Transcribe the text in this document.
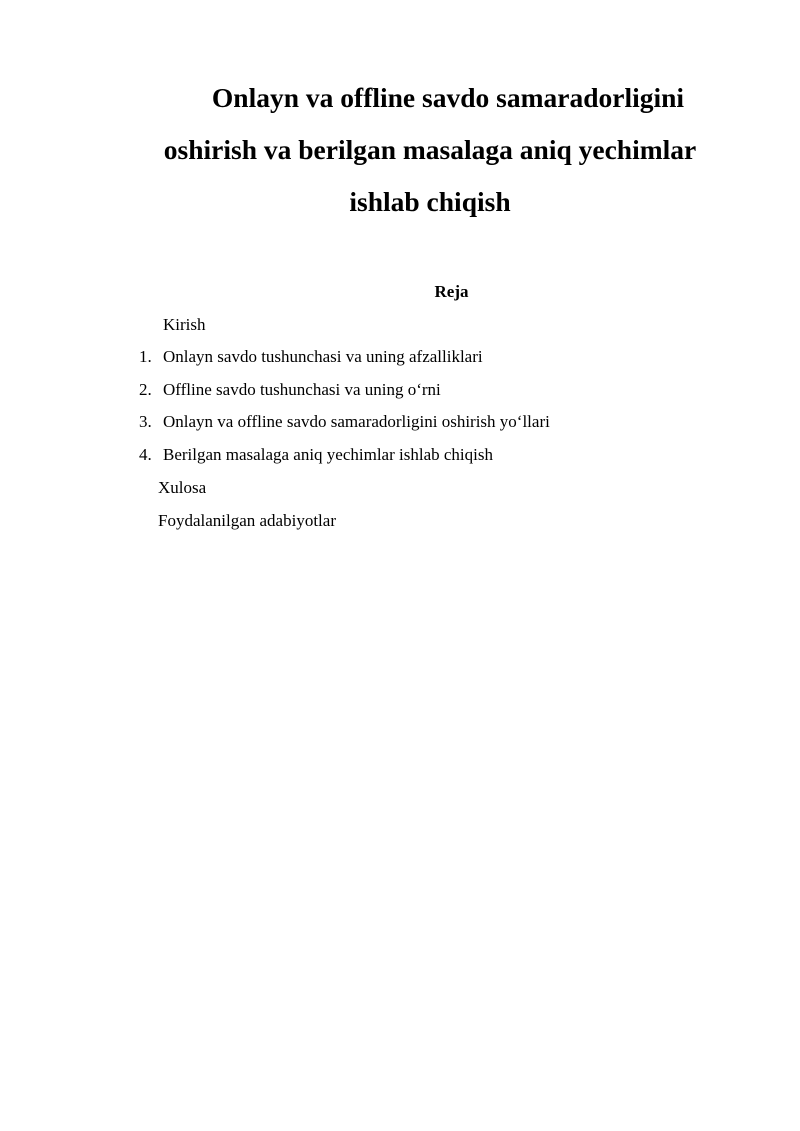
Onlayn va offline savdo samaradorligini
oshirish va berilgan masalaga aniq yechimlar
ishlab chiqish
Reja
Kirish
1. Onlayn savdo tushunchasi va uning afzalliklari
2. Offline savdo tushunchasi va uning oʻrni
3. Onlayn va offline savdo samaradorligini oshirish yoʻllari
4. Berilgan masalaga aniq yechimlar ishlab chiqish
Xulosa
Foydalanilgan adabiyotlar
